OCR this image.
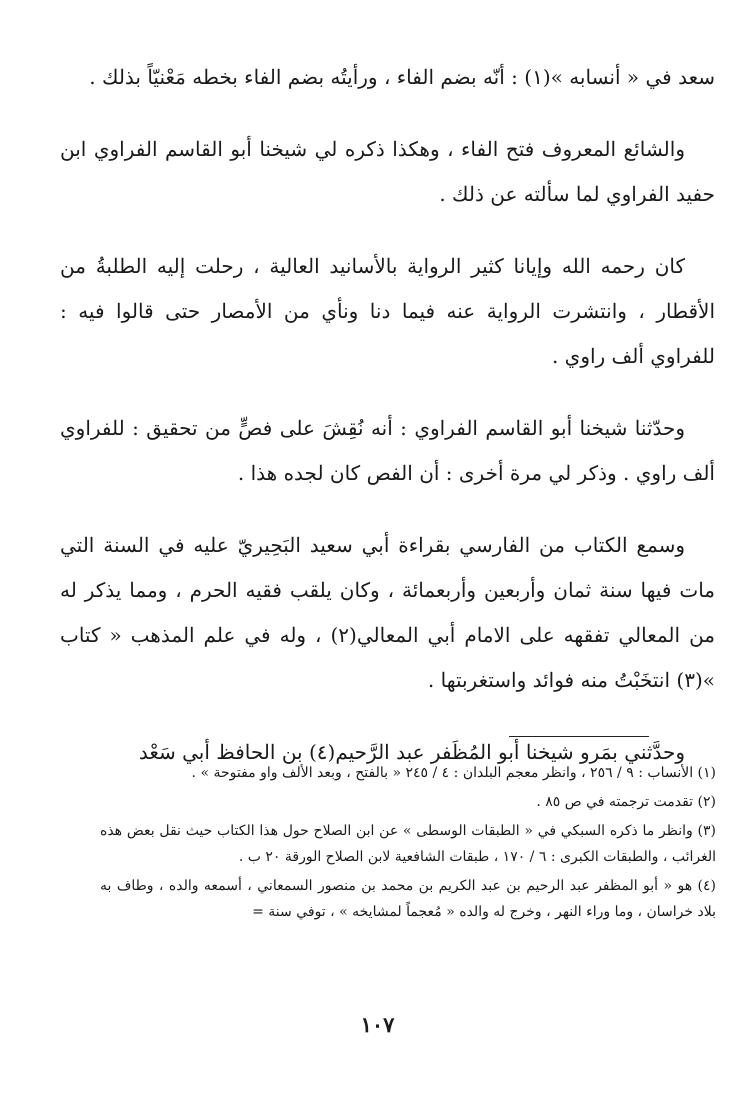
سعد في « أنسابه »(١) : أنّه بضم الفاء ، ورأيتُه بضم الفاء بخطه مَعْنيّاً بذلك .

والشائع المعروف فتح الفاء ، وهكذا ذكره لي شيخنا أبو القاسم الفراوي ابن حفيد الفراوي لما سألته عن ذلك .

كان رحمه الله وإيانا كثير الرواية بالأسانيد العالية ، رحلت إليه الطلبةُ من الأقطار ، وانتشرت الرواية عنه فيما دنا ونأي من الأمصار حتى قالوا فيه : للفراوي ألف راوي .

وحدّثنا شيخنا أبو القاسم الفراوي : أنه نُقِشَ على فصٍّ من تحقيق : للفراوي ألف راوي . وذكر لي مرة أخرى : أن الفص كان لجده هذا .

وسمع الكتاب من الفارسي بقراءة أبي سعيد البَحِيريّ عليه في السنة التي مات فيها سنة ثمان وأربعين وأربعمائة ، وكان يلقب فقيه الحرم ، ومما يذكر له من المعالي تفقهه على الامام أبي المعالي(٢) ، وله في علم المذهب « كتاب »(٣) انتخَبْتُ منه فوائد واستغربتها .

وحدَّثني بمَرو شيخنا أبو المُظَفر عبد الرَّحيم(٤) بن الحافظ أبي سَعْد

(١) الأنساب : ٩ / ٢٥٦ ، وانظر معجم البلدان : ٤ / ٢٤٥ « بالفتح ، وبعد الألف واو مفتوحة » .

(٢) تقدمت ترجمته في ص ٨٥ .

(٣) وانظر ما ذكره السبكي في « الطبقات الوسطى » عن ابن الصلاح حول هذا الكتاب حيث نقل بعض هذه الغرائب ، والطبقات الكبرى : ٦ / ١٧٠ ، طبقات الشافعية لابن الصلاح الورقة ٢٠ ب .

(٤) هو « أبو المظفر عبد الرحيم بن عبد الكريم بن محمد بن منصور السمعاني ، أسمعه والده ، وطاف به بلاد خراسان ، وما وراء النهر ، وخرج له والده « مُعجماً لمشايخه » ، توفي سنة =

١٠٧
